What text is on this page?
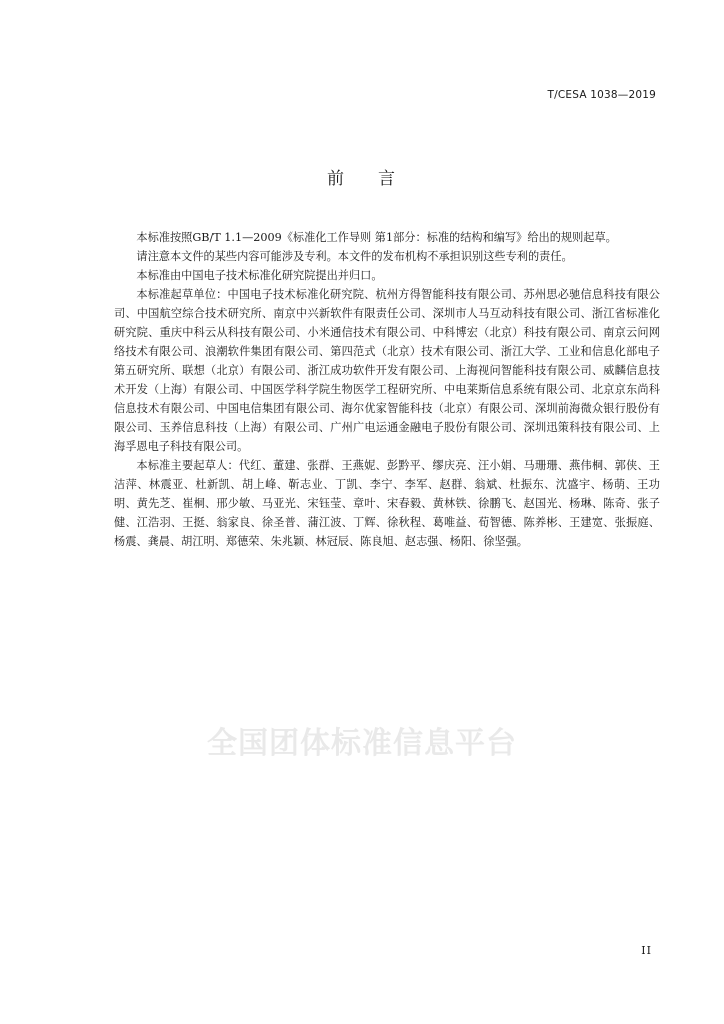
T/CESA 1038—2019
前言
全国团体标准信息平台

本标准按照GB/T 1.1—2009《标准化工作导则 第1部分：标准的结构和编写》给出的规则起草。

请注意本文件的某些内容可能涉及专利。本文件的发布机构不承担识别这些专利的责任。

本标准由中国电子技术标准化研究院提出并归口。

本标准起草单位：中国电子技术标准化研究院、杭州方得智能科技有限公司、苏州思必驰信息科技有限公司、中国航空综合技术研究所、南京中兴新软件有限责任公司、深圳市人马互动科技有限公司、浙江省标准化研究院、重庆中科云从科技有限公司、小米通信技术有限公司、中科博宏（北京）科技有限公司、南京云问网络技术有限公司、浪潮软件集团有限公司、第四范式（北京）技术有限公司、浙江大学、工业和信息化部电子第五研究所、联想（北京）有限公司、浙江成功软件开发有限公司、上海视问智能科技有限公司、威麟信息技术开发（上海）有限公司、中国医学科学院生物医学工程研究所、中电莱斯信息系统有限公司、北京京东尚科信息技术有限公司、中国电信集团有限公司、海尔优家智能科技（北京）有限公司、深圳前海微众银行股份有限公司、玉养信息科技（上海）有限公司、广州广电运通金融电子股份有限公司、深圳迅策科技有限公司、上海孚恩电子科技有限公司。

本标准主要起草人：代红、董建、张群、王燕妮、彭黔平、缪庆亮、汪小娟、马珊珊、燕伟桐、郭侠、王洁萍、林震亚、杜新凯、胡上峰、靳志业、丁凯、李宁、李军、赵群、翁斌、杜振东、沈盛宇、杨萌、王功明、黄先芝、崔桐、邢少敏、马亚光、宋钰莹、章叶、宋春毅、黄林铁、徐鹏飞、赵国光、杨琳、陈奇、张子健、江浩羽、王挺、翁家良、徐圣普、蒲江波、丁辉、徐秋程、葛唯益、荀智德、陈养彬、王建宽、张振庭、杨震、龚晨、胡江明、郑德荣、朱兆颖、林冠辰、陈良旭、赵志强、杨阳、徐坚强。

II
